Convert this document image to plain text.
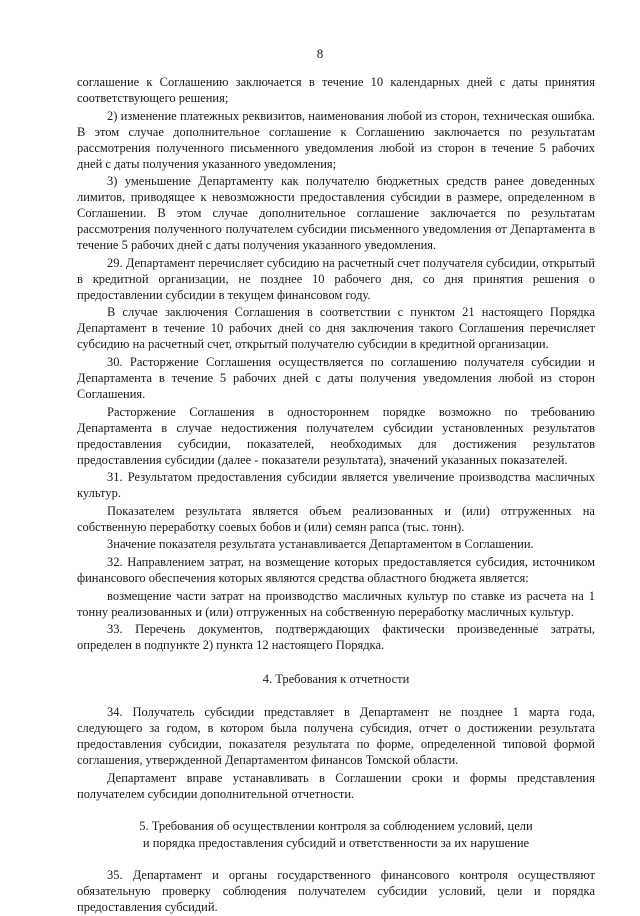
8

соглашение к Соглашению заключается в течение 10 календарных дней с даты принятия соответствующего решения;

2) изменение платежных реквизитов, наименования любой из сторон, техническая ошибка. В этом случае дополнительное соглашение к Соглашению заключается по результатам рассмотрения полученного письменного уведомления любой из сторон в течение 5 рабочих дней с даты получения указанного уведомления;

3) уменьшение Департаменту как получателю бюджетных средств ранее доведенных лимитов, приводящее к невозможности предоставления субсидии в размере, определенном в Соглашении. В этом случае дополнительное соглашение заключается по результатам рассмотрения полученного получателем субсидии письменного уведомления от Департамента в течение 5 рабочих дней с даты получения указанного уведомления.

29. Департамент перечисляет субсидию на расчетный счет получателя субсидии, открытый в кредитной организации, не позднее 10 рабочего дня, со дня принятия решения о предоставлении субсидии в текущем финансовом году.

В случае заключения Соглашения в соответствии с пунктом 21 настоящего Порядка Департамент в течение 10 рабочих дней со дня заключения такого Соглашения перечисляет субсидию на расчетный счет, открытый получателю субсидии в кредитной организации.

30. Расторжение Соглашения осуществляется по соглашению получателя субсидии и Департамента в течение 5 рабочих дней с даты получения уведомления любой из сторон Соглашения.

Расторжение Соглашения в одностороннем порядке возможно по требованию Департамента в случае недостижения получателем субсидии установленных результатов предоставления субсидии, показателей, необходимых для достижения результатов предоставления субсидии (далее - показатели результата), значений указанных показателей.

31. Результатом предоставления субсидии является увеличение производства масличных культур.

Показателем результата является объем реализованных и (или) отгруженных на собственную переработку соевых бобов и (или) семян рапса (тыс. тонн).

Значение показателя результата устанавливается Департаментом в Соглашении.

32. Направлением затрат, на возмещение которых предоставляется субсидия, источником финансового обеспечения которых являются средства областного бюджета является:

возмещение части затрат на производство масличных культур по ставке из расчета на 1 тонну реализованных и (или) отгруженных на собственную переработку масличных культур.

33. Перечень документов, подтверждающих фактически произведенные затраты, определен в подпункте 2) пункта 12 настоящего Порядка.

4. Требования к отчетности

34. Получатель субсидии представляет в Департамент не позднее 1 марта года, следующего за годом, в котором была получена субсидия, отчет о достижении результата предоставления субсидии, показателя результата по форме, определенной типовой формой соглашения, утвержденной Департаментом финансов Томской области.

Департамент вправе устанавливать в Соглашении сроки и формы представления получателем субсидии дополнительной отчетности.

5. Требования об осуществлении контроля за соблюдением условий, цели

и порядка предоставления субсидий и ответственности за их нарушение

35. Департамент и органы государственного финансового контроля осуществляют обязательную проверку соблюдения получателем субсидии условий, цели и порядка предоставления субсидий.
